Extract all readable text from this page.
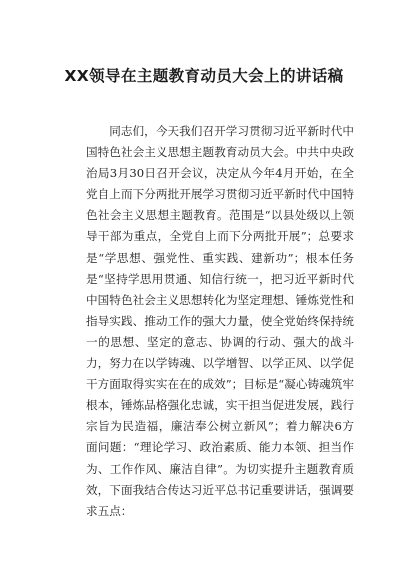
XX领导在主题教育动员大会上的讲话稿

同志们，今天我们召开学习贯彻习近平新时代中国特色社会主义思想主题教育动员大会。中共中央政治局3月30日召开会议，决定从今年4月开始，在全党自上而下分两批开展学习贯彻习近平新时代中国特色社会主义思想主题教育。范围是“以县处级以上领导干部为重点，全党自上而下分两批开展”；总要求是“学思想、强党性、重实践、建新功”；根本任务是“坚持学思用贯通、知信行统一，把习近平新时代中国特色社会主义思想转化为坚定理想、锤炼党性和指导实践、推动工作的强大力量，使全党始终保持统一的思想、坚定的意志、协调的行动、强大的战斗力，努力在以学铸魂、以学增智、以学正风、以学促干方面取得实实在在的成效”；目标是“凝心铸魂筑牢根本，锤炼品格强化忠诚，实干担当促进发展，践行宗旨为民造福，廉洁奉公树立新风”；着力解决6方面问题：“理论学习、政治素质、能力本领、担当作为、工作作风、廉洁自律”。为切实提升主题教育质效，下面我结合传达习近平总书记重要讲话，强调要求五点：
